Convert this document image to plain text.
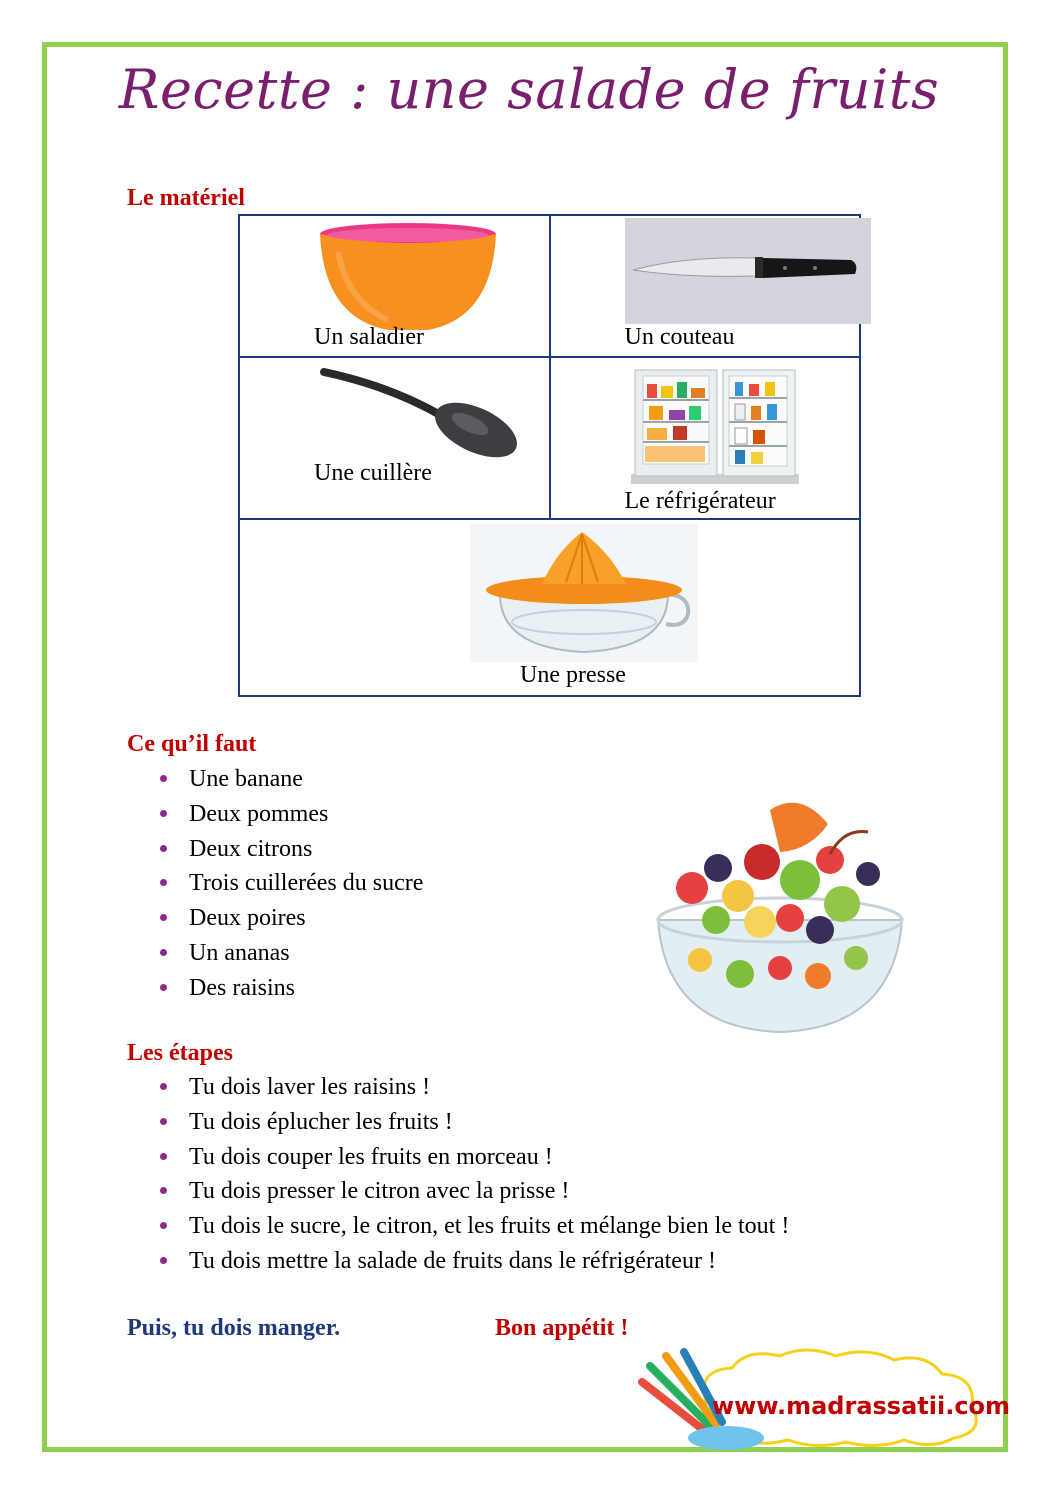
Recette : une salade de fruits
Le matériel
Un saladier	Un couteau

Une cuillère	Le réfrigérateur

Une presse	
Ce qu’il faut
Une banane
Deux pommes
Deux citrons
Trois cuillerées du sucre
Deux poires
Un ananas
Des raisins
Les étapes
Tu dois laver les raisins !
Tu dois éplucher les fruits !
Tu dois couper les fruits en morceau !
Tu dois presser le citron avec la prisse !
Tu dois le sucre, le citron, et les fruits et mélange bien le tout !
Tu dois mettre la salade de fruits dans le réfrigérateur !
Puis, tu dois manger.	Bon appétit !
www.madrassatii.com
